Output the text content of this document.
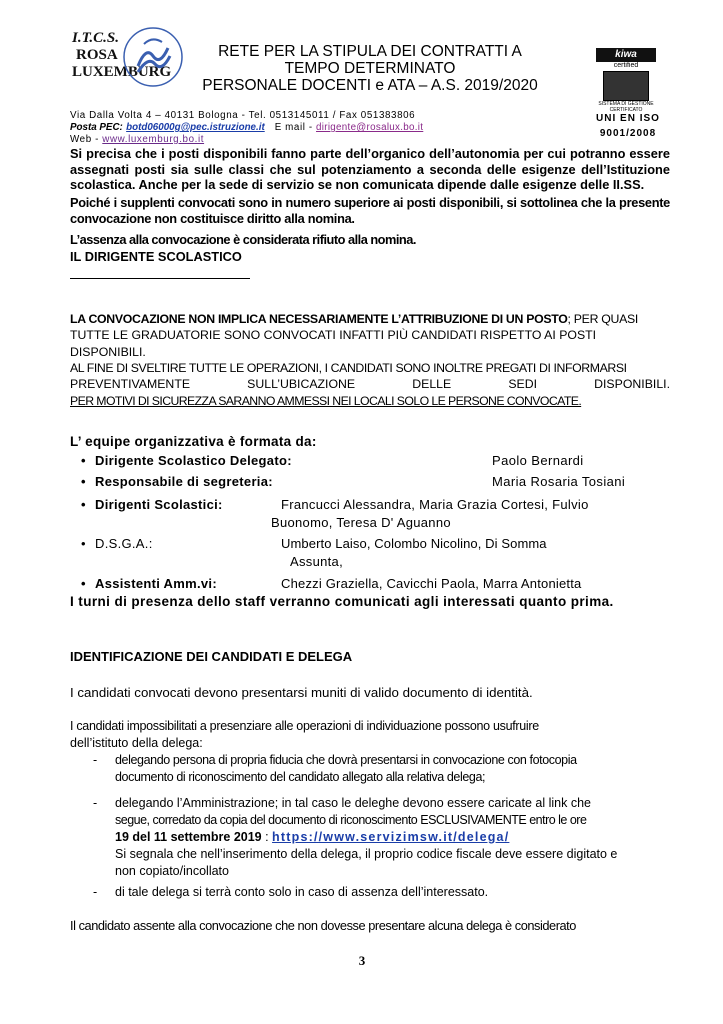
I.T.C.S.
ROSA
LUXEMBURG
RETE PER LA STIPULA DEI CONTRATTI A
TEMPO DETERMINATO
PERSONALE DOCENTI e ATA – A.S. 2019/2020
kiwa
certified
SISTEMA DI GESTIONE CERTIFICATO
UNI EN ISO
9001/2008
Via Dalla Volta 4 – 40131 Bologna - Tel. 0513145011 / Fax 051383806
Posta PEC: botd06000g@pec.istruzione.it E mail - dirigente@rosalux.bo.it
Web - www.luxemburg.bo.it
Si precisa che i posti disponibili fanno parte dell’organico dell’autonomia per cui potranno essere assegnati posti sia sulle classi che sul potenziamento a seconda delle esigenze dell’Istituzione scolastica. Anche per la sede di servizio se non comunicata dipende dalle esigenze delle II.SS.
Poiché i supplenti convocati sono in numero superiore ai posti disponibili, si sottolinea che la presente convocazione non costituisce diritto alla nomina.
L’assenza alla convocazione è considerata rifiuto alla nomina.
IL DIRIGENTE SCOLASTICO
LA CONVOCAZIONE NON IMPLICA NECESSARIAMENTE L’ATTRIBUZIONE DI UN POSTO; PER QUASI
TUTTE LE GRADUATORIE SONO CONVOCATI INFATTI PIÙ CANDIDATI RISPETTO AI POSTI
DISPONIBILI.
AL FINE DI SVELTIRE TUTTE LE OPERAZIONI, I CANDIDATI SONO INOLTRE PREGATI DI INFORMARSI
PREVENTIVAMENTE SULL’UBICAZIONE DELLE SEDI DISPONIBILI.
PER MOTIVI DI SICUREZZA SARANNO AMMESSI NEI LOCALI SOLO LE PERSONE CONVOCATE.
L’ equipe organizzativa è formata da:
• Dirigente Scolastico Delegato:	Paolo Bernardi
• Responsabile di segreteria:	Maria Rosaria Tosiani
• Dirigenti Scolastici:	Francucci Alessandra, Maria Grazia Cortesi, Fulvio
Buonomo, Teresa D' Aguanno
• D.S.G.A.:	Umberto Laiso, Colombo Nicolino, Di Somma
Assunta,
• Assistenti Amm.vi:	Chezzi Graziella, Cavicchi Paola, Marra Antonietta
I turni di presenza dello staff verranno comunicati agli interessati quanto prima.
IDENTIFICAZIONE DEI CANDIDATI E DELEGA
I candidati convocati devono presentarsi muniti di valido documento di identità.
I candidati impossibilitati a presenziare alle operazioni di individuazione possono usufruire
dell’istituto della delega:
- delegando persona di propria fiducia che dovrà presentarsi in convocazione con fotocopia
documento di riconoscimento del candidato allegato alla relativa delega;
- delegando l’Amministrazione; in tal caso le deleghe devono essere caricate al link che
segue, corredato da copia del documento di riconoscimento ESCLUSIVAMENTE entro le ore
19 del 11 settembre 2019 : https://www.servizimsw.it/delega/
Si segnala che nell’inserimento della delega, il proprio codice fiscale deve essere digitato e
non copiato/incollato
- di tale delega si terrà conto solo in caso di assenza dell’interessato.
Il candidato assente alla convocazione che non dovesse presentare alcuna delega è considerato
3
